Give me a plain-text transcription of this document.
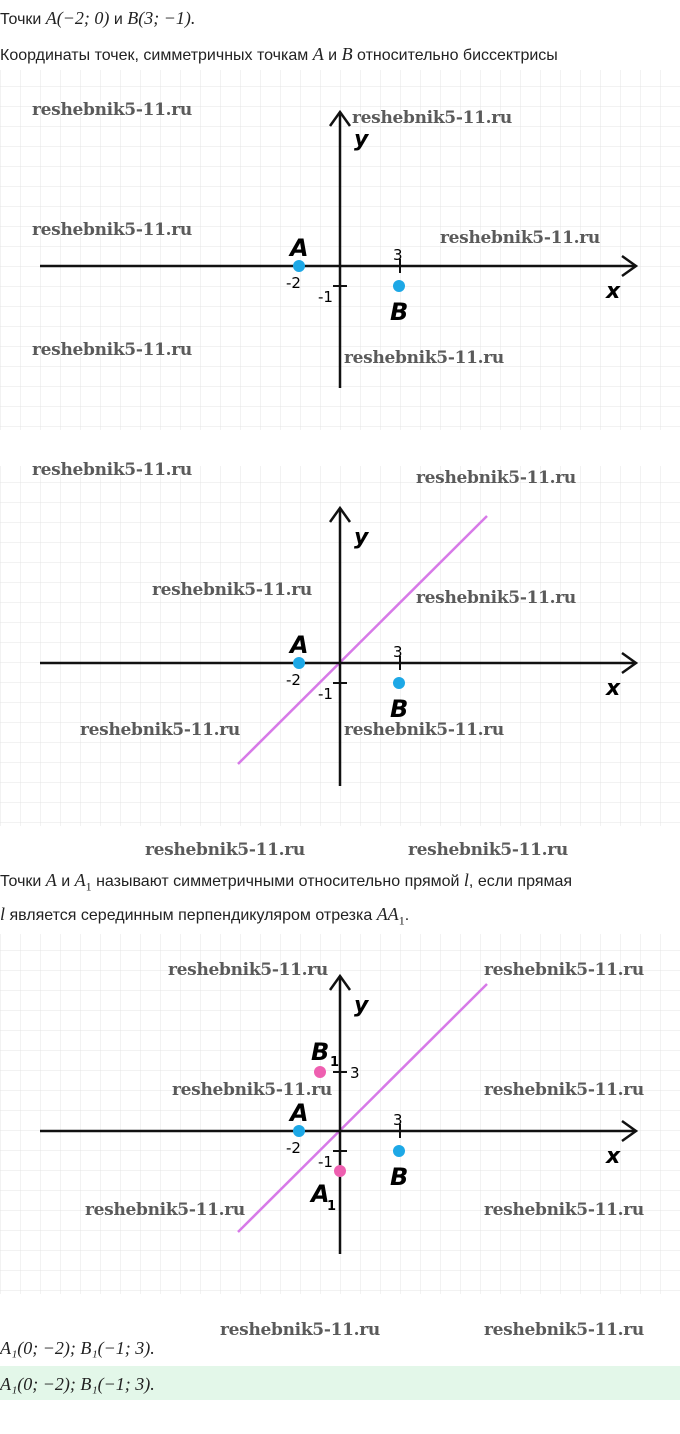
Точки A(−2; 0) и B(3; −1).
Координаты точек, симметричных точкам A и B относительно биссектрисы
x
y
3
-2
-1
A
B
x
y
3
-2
-1
A
B
Точки A и $A_1$ называют симметричными относительно прямой l, если прямая
l является серединным перпендикуляром отрезка $AA_1$.
x
y
3
3
-2
-1
A
B
B 1
A
1
reshebnik5-11.ru	reshebnik5-11.ru
reshebnik5-11.ru	reshebnik5-11.ru
reshebnik5-11.ru	reshebnik5-11.ru
reshebnik5-11.ru	reshebnik5-11.ru
reshebnik5-11.ru	reshebnik5-11.ru
reshebnik5-11.ru	reshebnik5-11.ru
reshebnik5-11.ru	reshebnik5-11.ru
reshebnik5-11.ru	reshebnik5-11.ru
reshebnik5-11.ru	reshebnik5-11.ru
reshebnik5-11.ru	reshebnik5-11.ru
reshebnik5-11.ru	reshebnik5-11.ru
A₁(0; −2); B₁(−1; 3).
A₁(0; −2); B₁(−1; 3).
